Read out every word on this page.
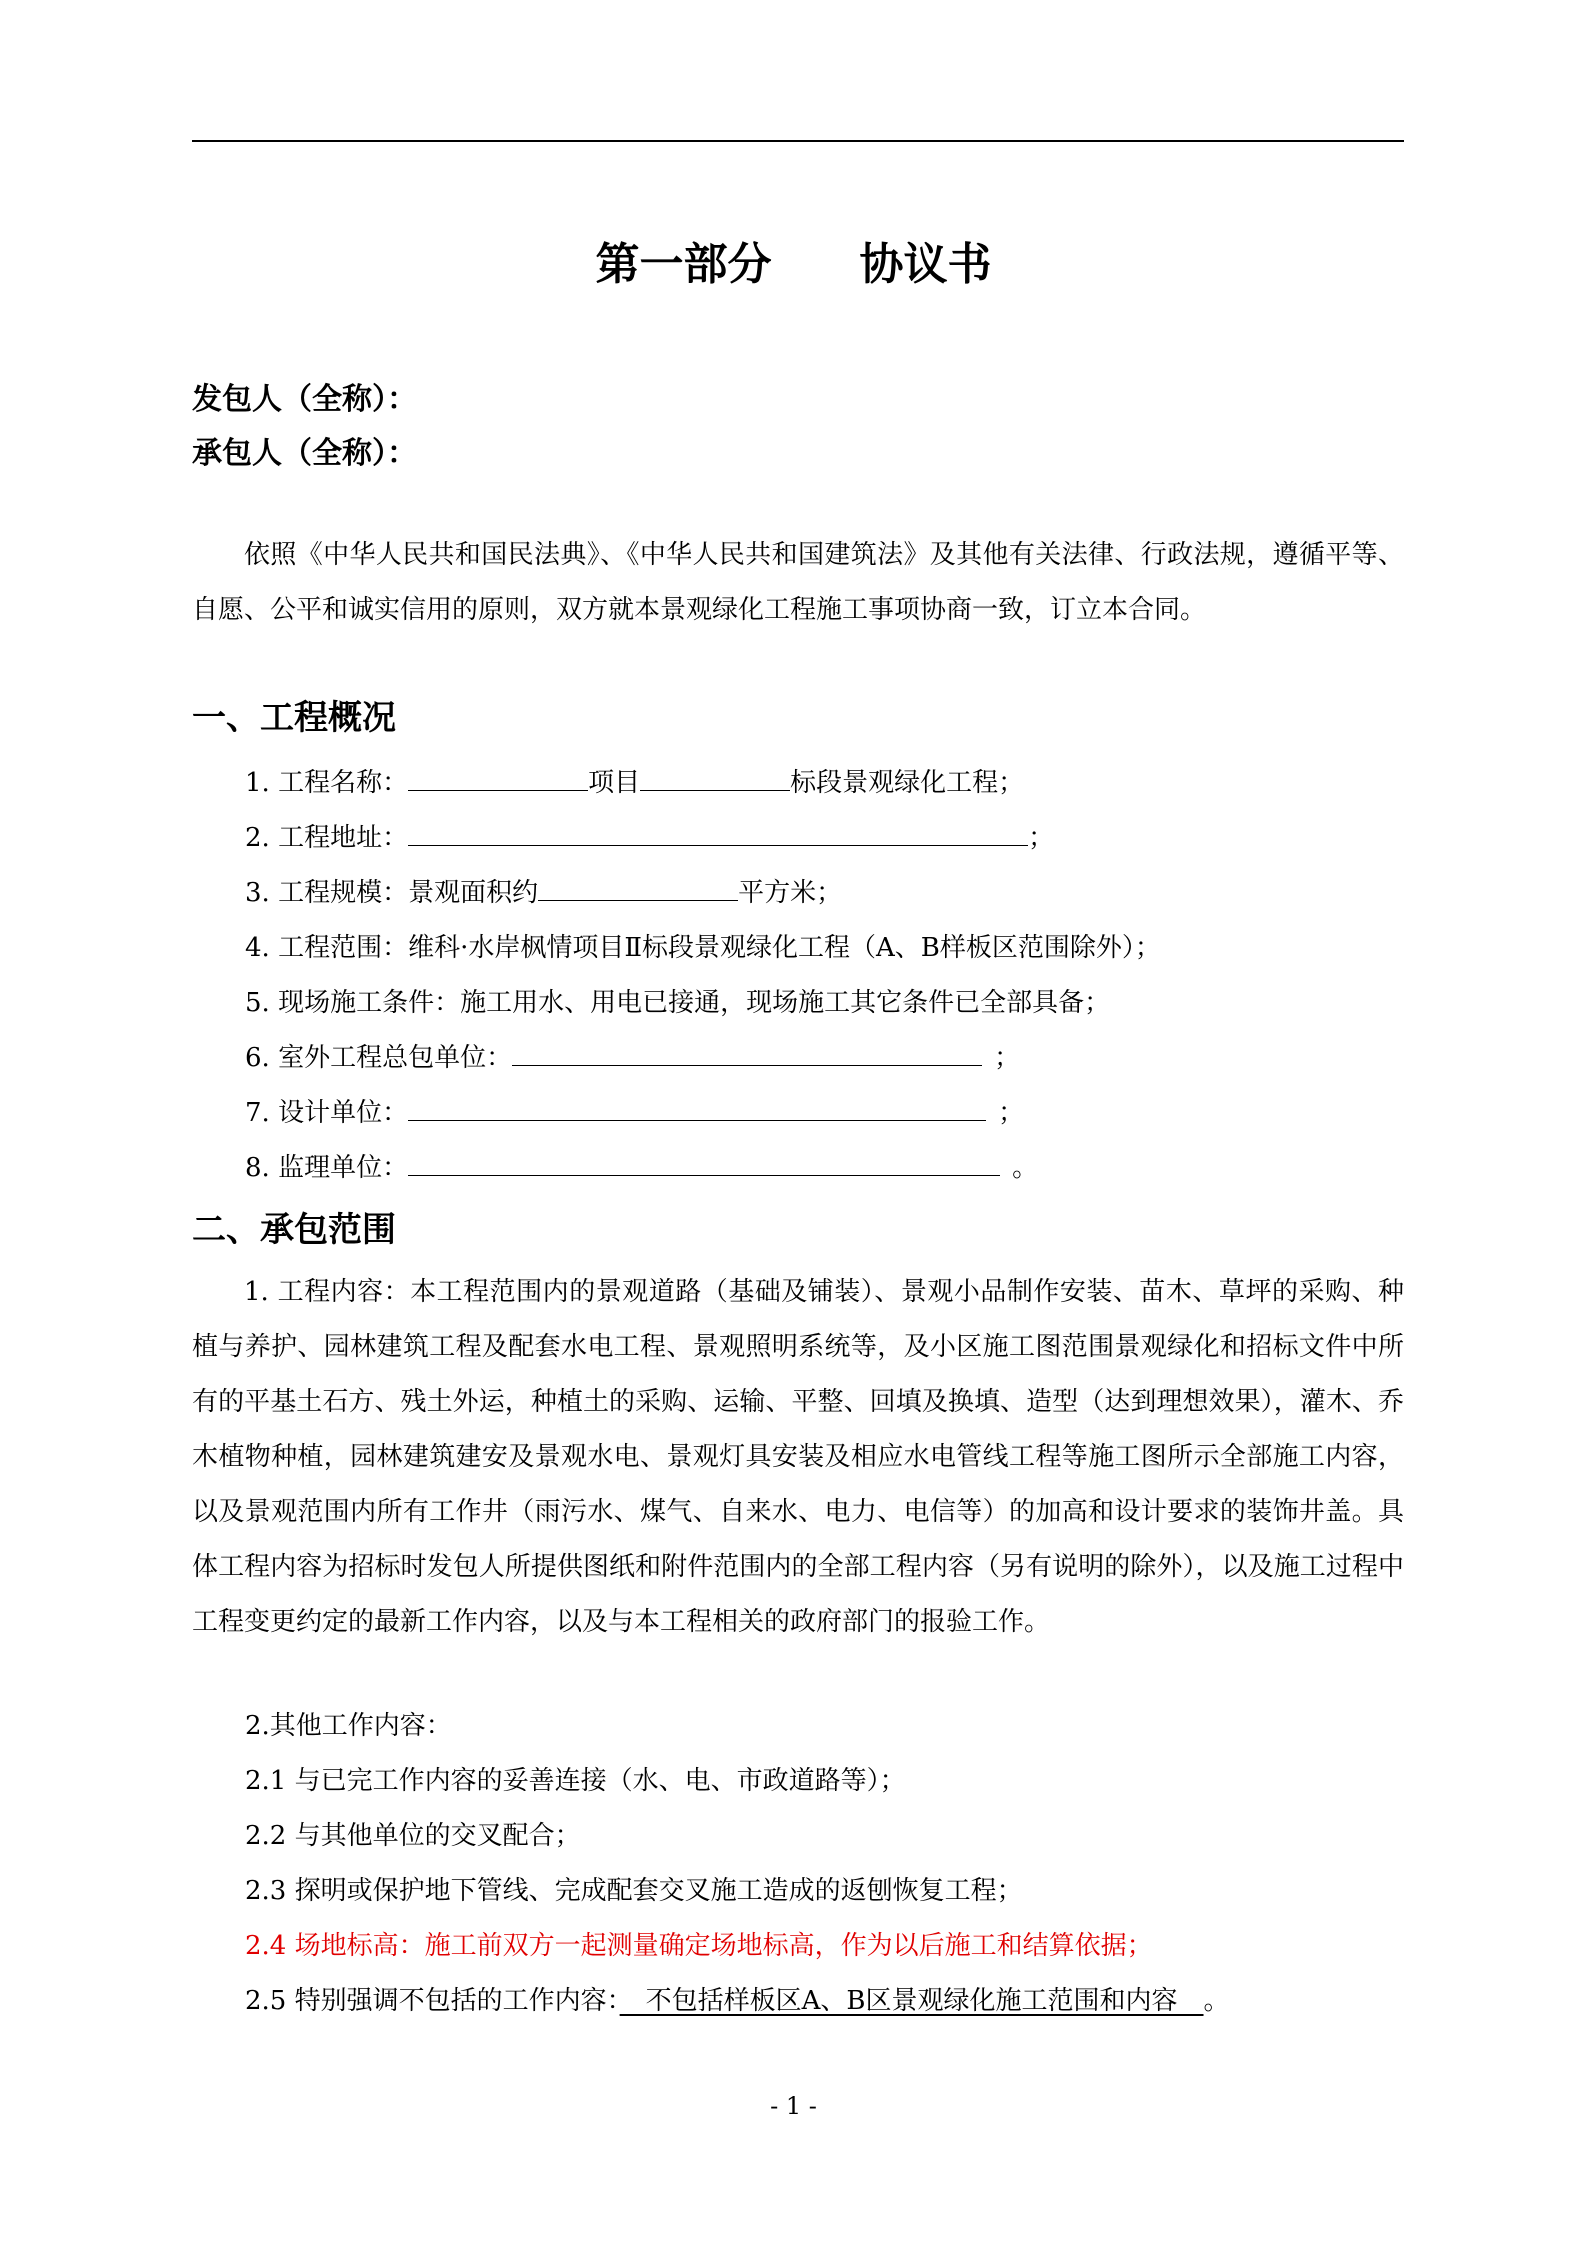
第一部分　　协议书
发包人（全称）：
承包人（全称）：
依照《中华人民共和国民法典》、《中华人民共和国建筑法》及其他有关法律、行政法规，遵循平等、自愿、公平和诚实信用的原则，双方就本景观绿化工程施工事项协商一致，订立本合同。
一、工程概况
1. 工程名称：	项目	标段景观绿化工程；
2. 工程地址：	；
3. 工程规模：景观面积约	平方米；
4. 工程范围：维科·水岸枫情项目Ⅱ标段景观绿化工程（A、B样板区范围除外）；
5. 现场施工条件：施工用水、用电已接通，现场施工其它条件已全部具备；
6. 室外工程总包单位：	；
7. 设计单位：	；
8. 监理单位：	。
二、承包范围
1. 工程内容：本工程范围内的景观道路（基础及铺装）、景观小品制作安装、苗木、草坪的采购、种植与养护、园林建筑工程及配套水电工程、景观照明系统等，及小区施工图范围景观绿化和招标文件中所有的平基土石方、残土外运，种植土的采购、运输、平整、回填及换填、造型（达到理想效果），灌木、乔木植物种植，园林建筑建安及景观水电、景观灯具安装及相应水电管线工程等施工图所示全部施工内容，以及景观范围内所有工作井（雨污水、煤气、自来水、电力、电信等）的加高和设计要求的装饰井盖。具体工程内容为招标时发包人所提供图纸和附件范围内的全部工程内容（另有说明的除外），以及施工过程中工程变更约定的最新工作内容，以及与本工程相关的政府部门的报验工作。
2.其他工作内容：
2.1 与已完工作内容的妥善连接（水、电、市政道路等）；
2.2 与其他单位的交叉配合；
2.3 探明或保护地下管线、完成配套交叉施工造成的返刨恢复工程；
2.4 场地标高：施工前双方一起测量确定场地标高，作为以后施工和结算依据；
2.5 特别强调不包括的工作内容：　不包括样板区A、B区景观绿化施工范围和内容　。
- 1 -
